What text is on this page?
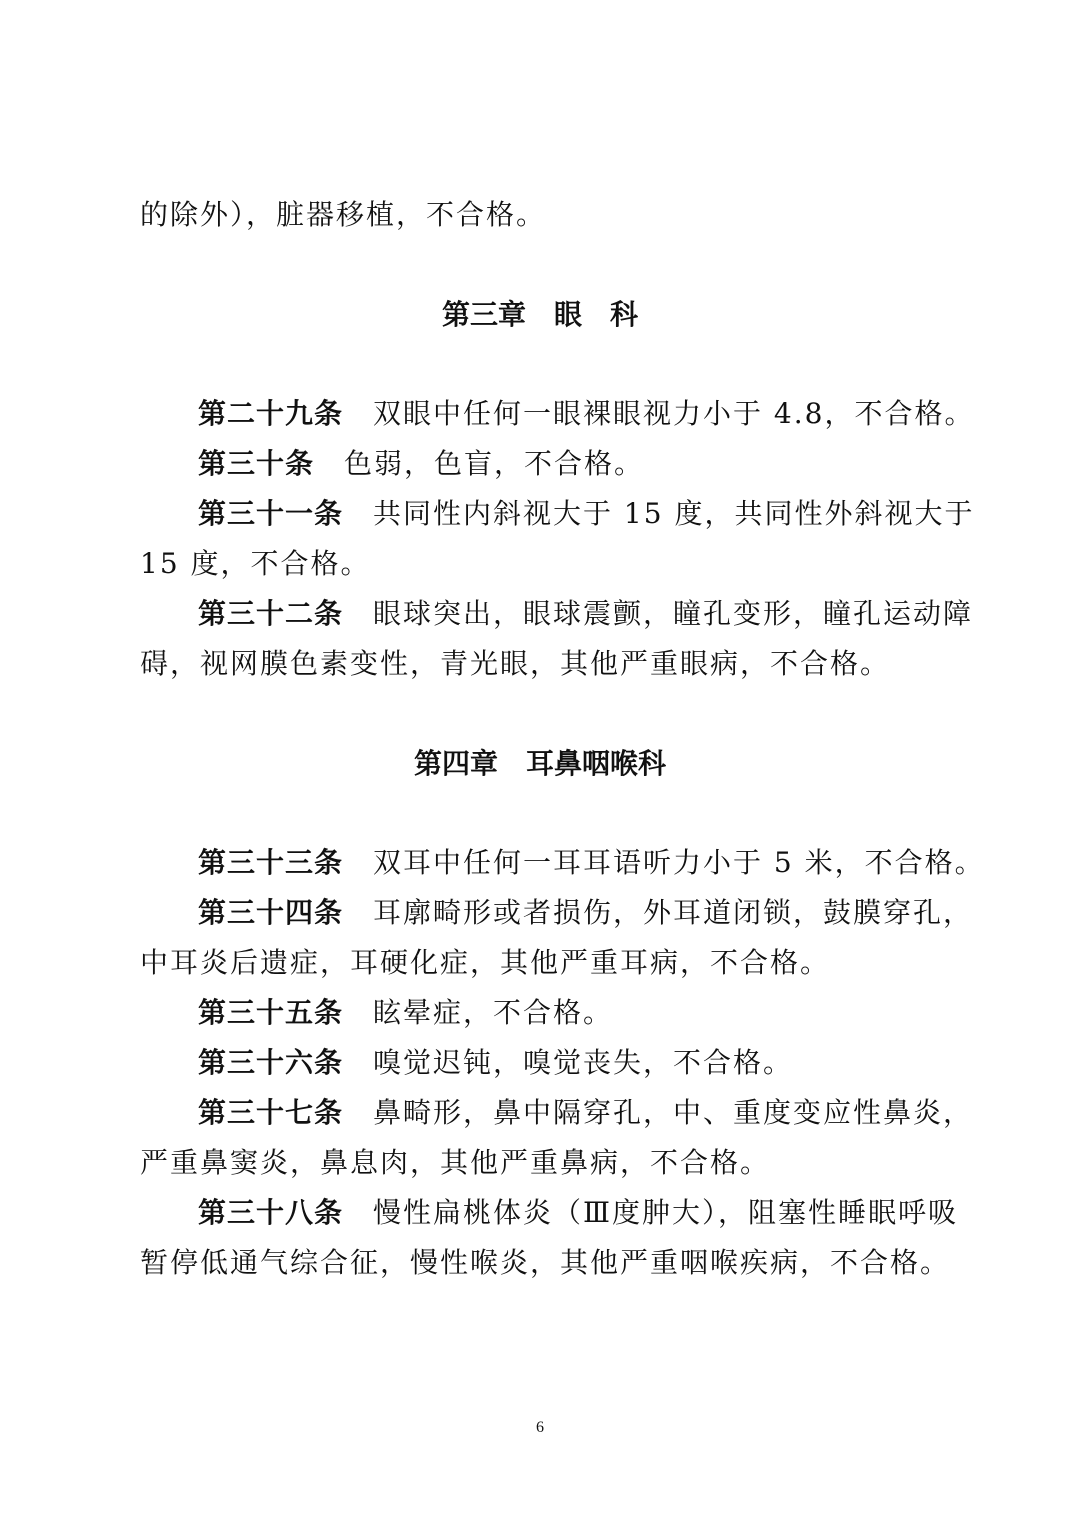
的除外），脏器移植，不合格。
第三章　眼　科
第二十九条 双眼中任何一眼裸眼视力小于 4.8，不合格。
第三十条 色弱，色盲，不合格。
第三十一条 共同性内斜视大于 15 度，共同性外斜视大于
15 度，不合格。
第三十二条 眼球突出，眼球震颤，瞳孔变形，瞳孔运动障
碍，视网膜色素变性，青光眼，其他严重眼病，不合格。
第四章　耳鼻咽喉科
第三十三条 双耳中任何一耳耳语听力小于 5 米，不合格。
第三十四条 耳廓畸形或者损伤，外耳道闭锁，鼓膜穿孔，
中耳炎后遗症，耳硬化症，其他严重耳病，不合格。
第三十五条 眩晕症，不合格。
第三十六条 嗅觉迟钝，嗅觉丧失，不合格。
第三十七条 鼻畸形，鼻中隔穿孔，中、重度变应性鼻炎，
严重鼻窦炎，鼻息肉，其他严重鼻病，不合格。
第三十八条 慢性扁桃体炎（Ⅲ度肿大），阻塞性睡眠呼吸
暂停低通气综合征，慢性喉炎，其他严重咽喉疾病，不合格。
6
